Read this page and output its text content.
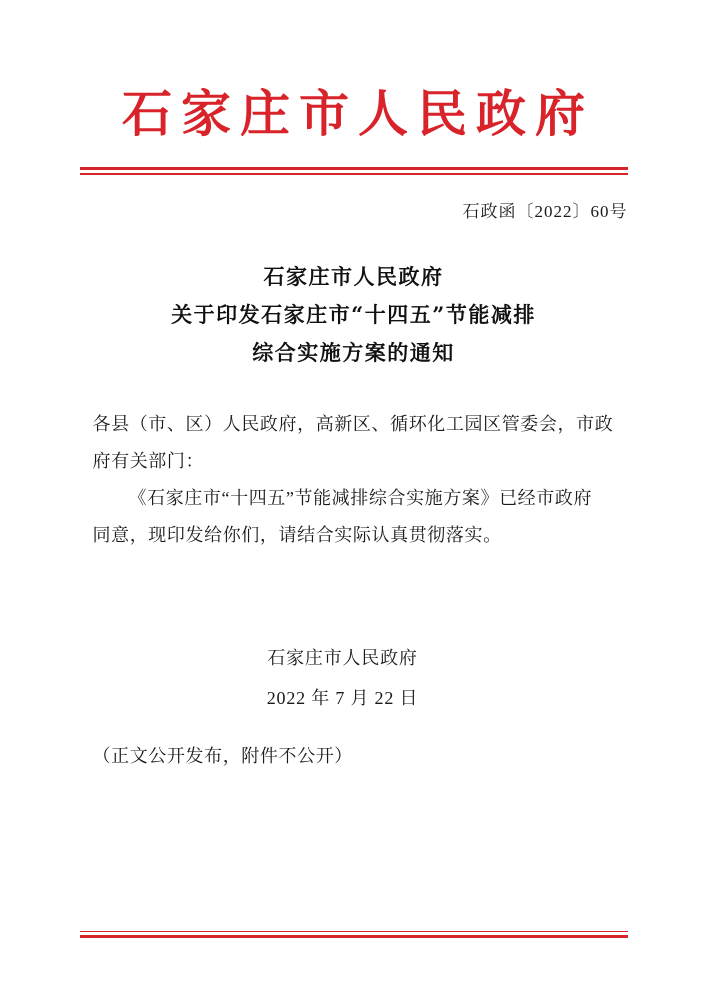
石家庄市人民政府
石政函〔2022〕60号
石家庄市人民政府
关于印发石家庄市“十四五”节能减排
综合实施方案的通知

各县（市、区）人民政府，高新区、循环化工园区管委会，市政

府有关部门：

《石家庄市“十四五”节能减排综合实施方案》已经市政府

同意，现印发给你们，请结合实际认真贯彻落实。

石家庄市人民政府
2022 年 7 月 22 日
（正文公开发布，附件不公开）
